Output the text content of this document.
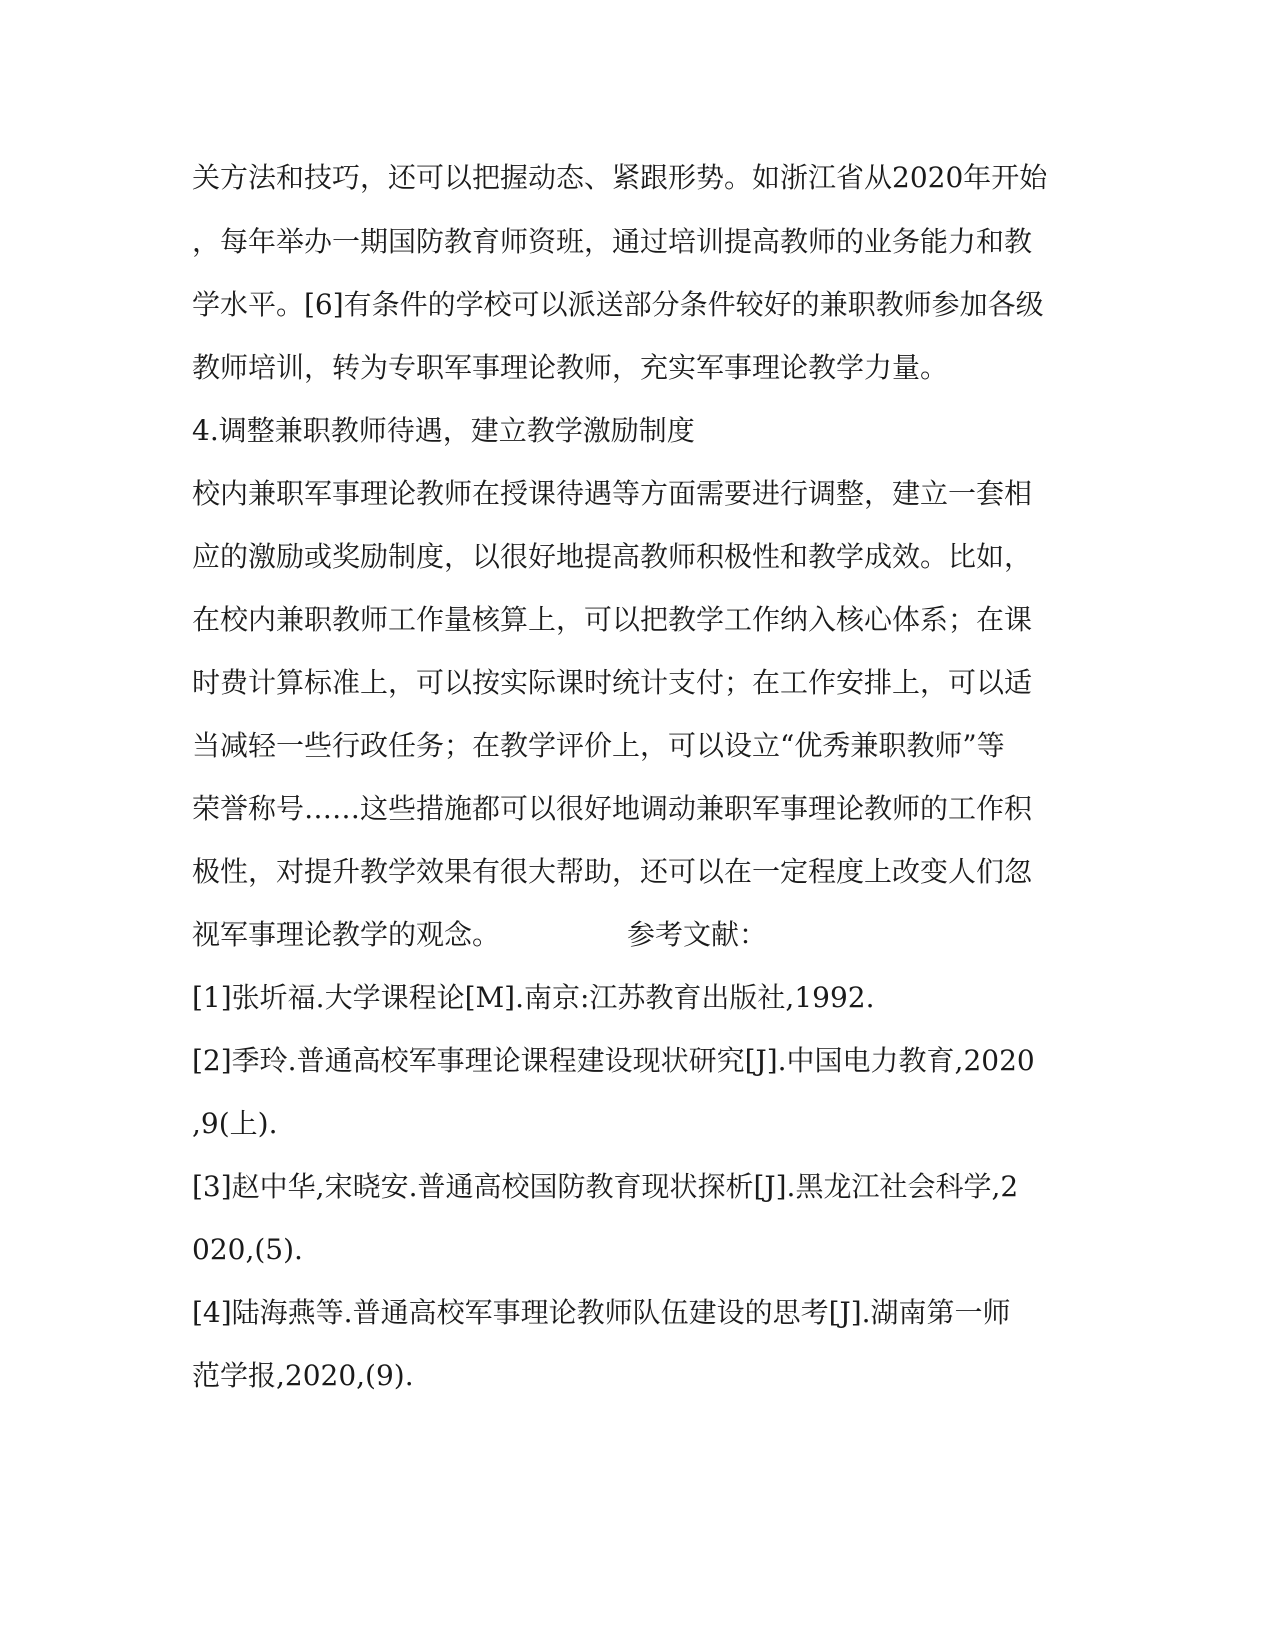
关方法和技巧，还可以把握动态、紧跟形势。如浙江省从2020年开始
，每年举办一期国防教育师资班，通过培训提高教师的业务能力和教
学水平。[6]有条件的学校可以派送部分条件较好的兼职教师参加各级
教师培训，转为专职军事理论教师，充实军事理论教学力量。
4.调整兼职教师待遇，建立教学激励制度
校内兼职军事理论教师在授课待遇等方面需要进行调整，建立一套相
应的激励或奖励制度，以很好地提高教师积极性和教学成效。比如，
在校内兼职教师工作量核算上，可以把教学工作纳入核心体系；在课
时费计算标准上，可以按实际课时统计支付；在工作安排上，可以适
当减轻一些行政任务；在教学评价上，可以设立“优秀兼职教师”等
荣誉称号……这些措施都可以很好地调动兼职军事理论教师的工作积
极性，对提升教学效果有很大帮助，还可以在一定程度上改变人们忽
视军事理论教学的观念。	参考文献：
[1]张圻福.大学课程论[M].南京:江苏教育出版社,1992.
[2]季玲.普通高校军事理论课程建设现状研究[J].中国电力教育,2020
,9(上).
[3]赵中华,宋晓安.普通高校国防教育现状探析[J].黑龙江社会科学,2
020,(5).
[4]陆海燕等.普通高校军事理论教师队伍建设的思考[J].湖南第一师
范学报,2020,(9).
